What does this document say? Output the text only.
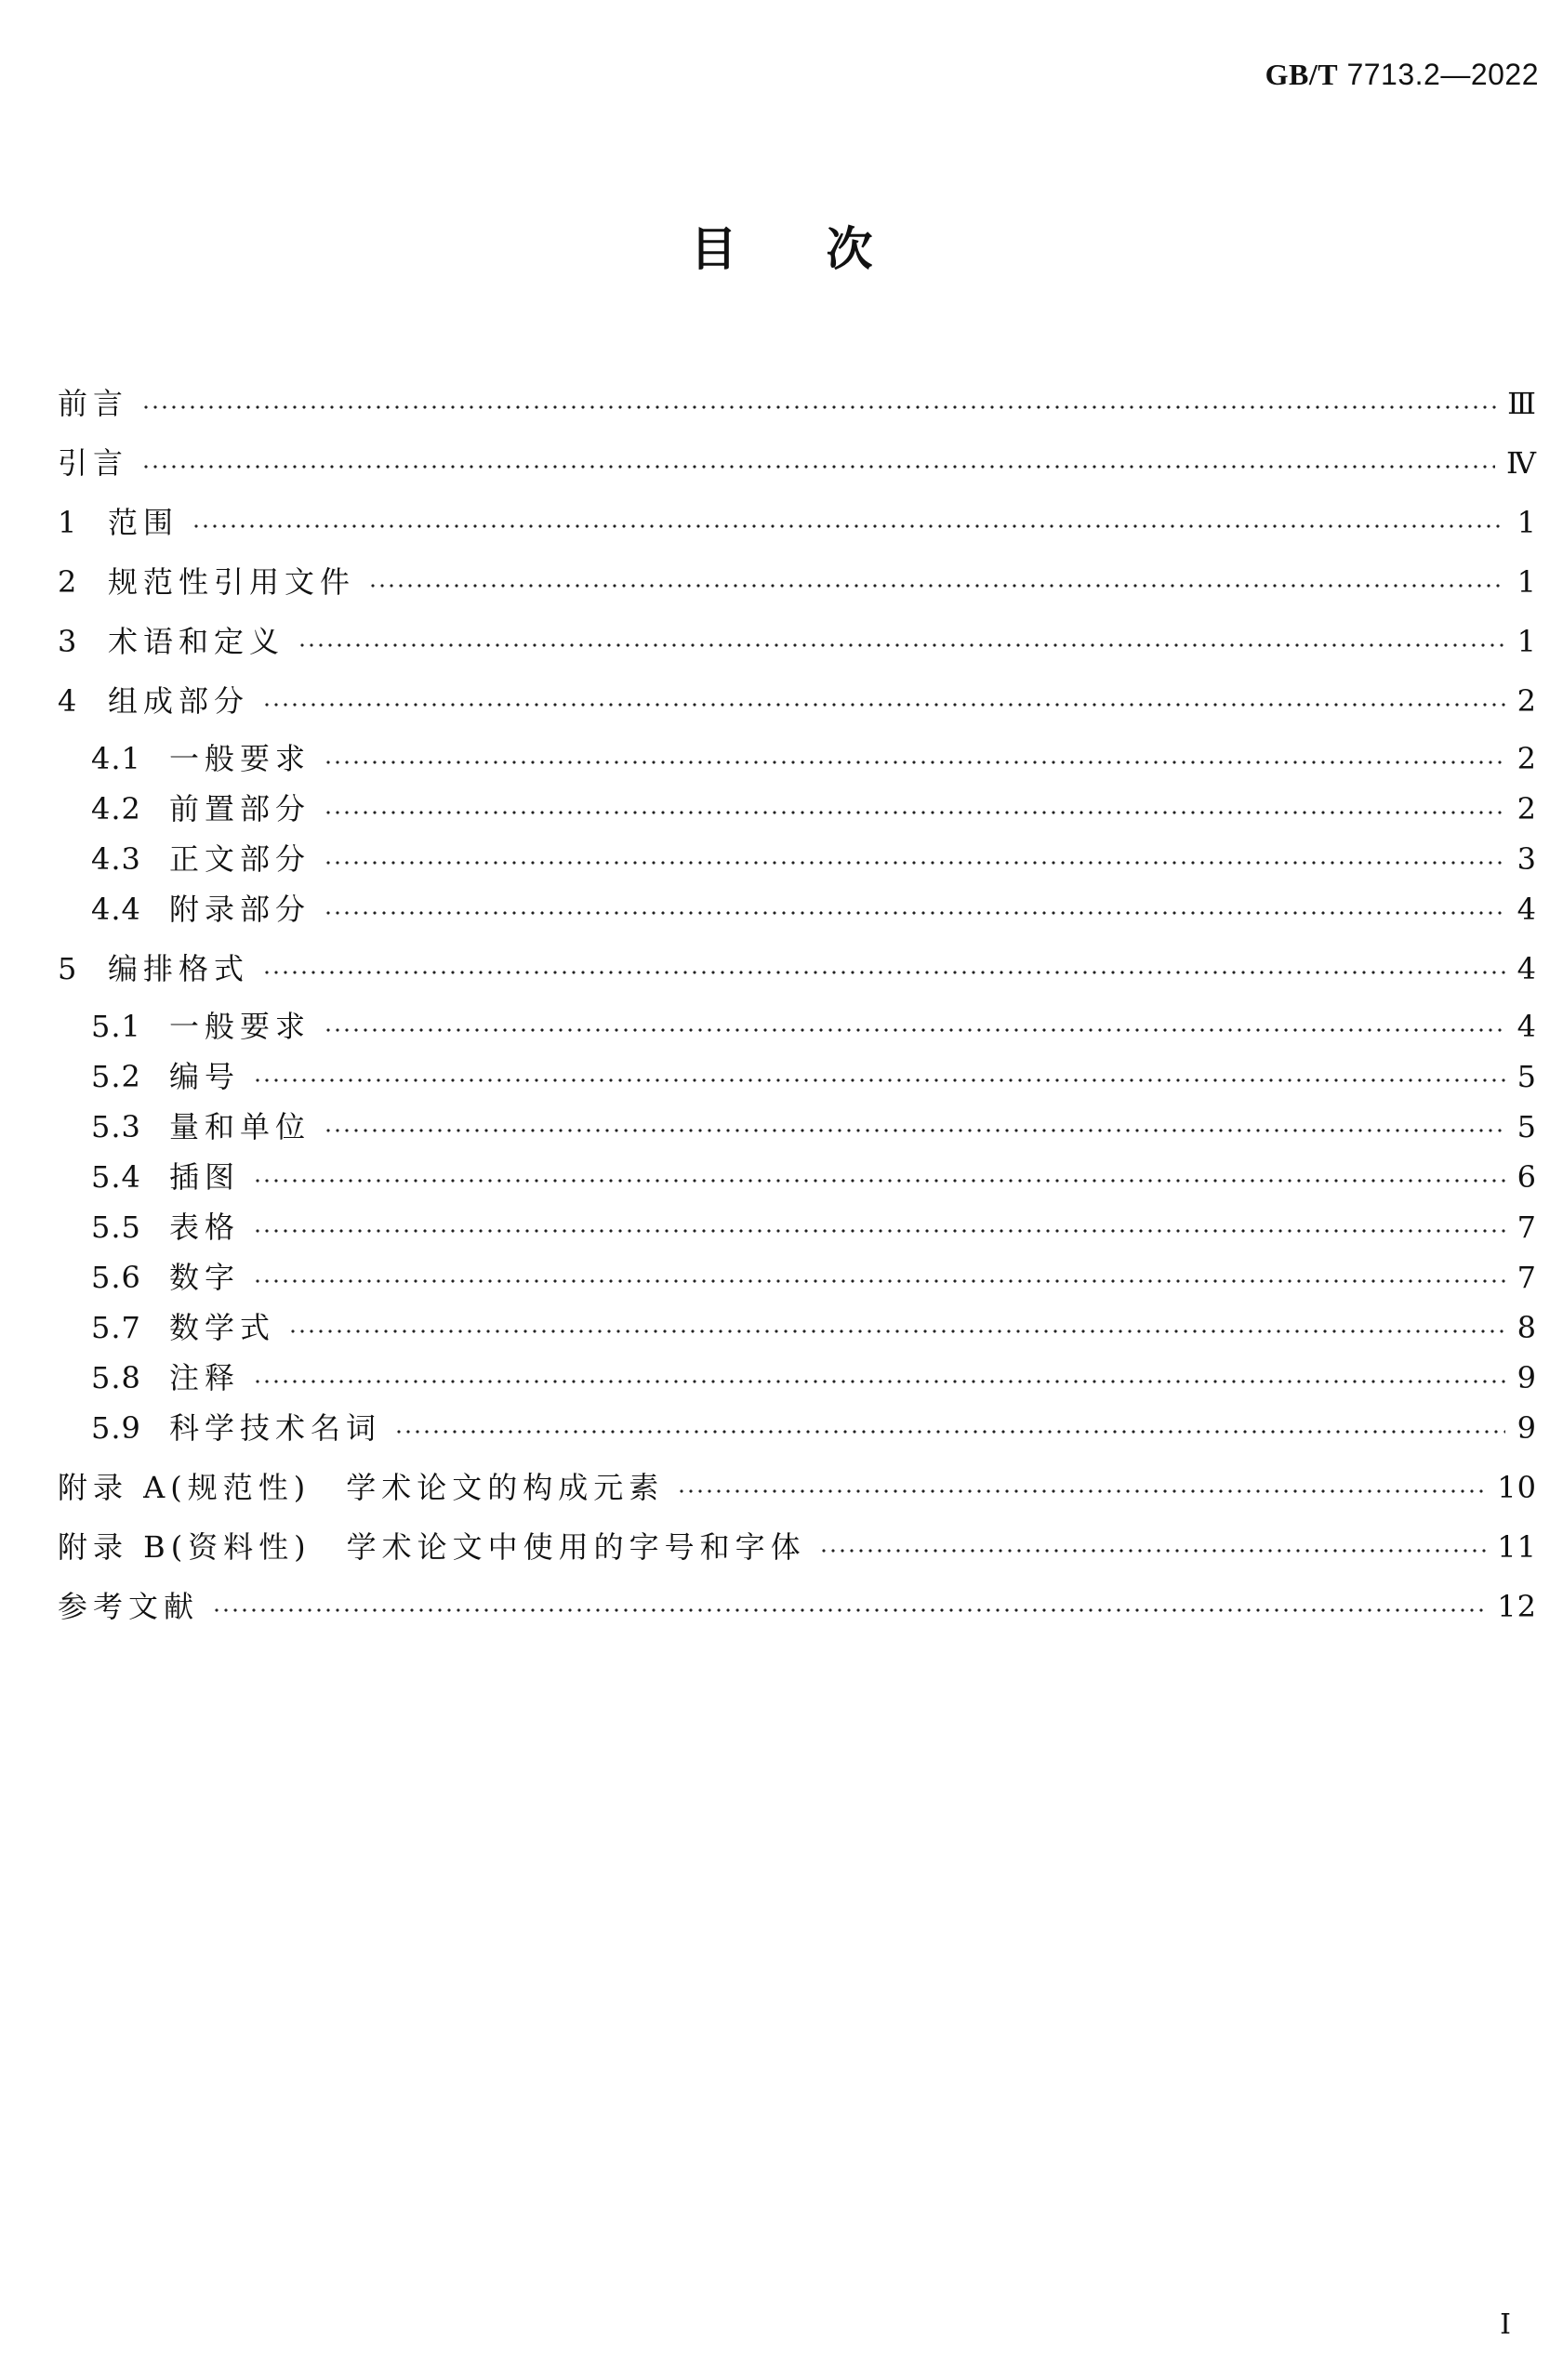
GB/T 7713.2—2022
目 次
前言	Ⅲ
引言	Ⅳ
1	范围	1
2	规范性引用文件	1
3	术语和定义	1
4	组成部分	2
4.1 一般要求	2
4.2 前置部分	2
4.3 正文部分	3
4.4 附录部分	4
5	编排格式	4
5.1 一般要求	4
5.2 编号	5
5.3 量和单位	5
5.4 插图	6
5.5 表格	7
5.6 数字	7
5.7 数学式	8
5.8 注释	9
5.9 科学技术名词	9
附录 A(规范性)　学术论文的构成元素	10
附录 B(资料性)　学术论文中使用的字号和字体	11
参考文献	12
Ⅰ
